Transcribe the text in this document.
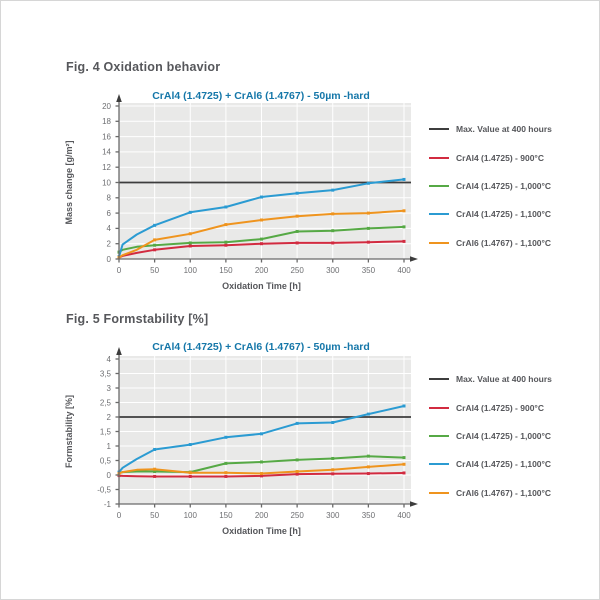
Fig. 4 Oxidation behavior
CrAl4 (1.4725) + CrAl6 (1.4767) - 50µm -hard
0
2
4
6
8
10
12
14
16
18
20
0	50	100	150	200	250	300	350	400
Oxidation Time [h]
Mass change [g/m²]
Max. Value at 400 hours
CrAl4 (1.4725) - 900°C
CrAl4 (1.4725) - 1,000°C
CrAl4 (1.4725) - 1,100°C
CrAl6 (1.4767) - 1,100°C
Fig. 5 Formstability [%]
CrAl4 (1.4725) + CrAl6 (1.4767) - 50µm -hard
-1
-0,5
0
0,5
1
1,5
2
2,5
3
3,5
4
0	50	100	150	200	250	300	350	400
Oxidation Time [h]
Formstability [%]
Max. Value at 400 hours
CrAl4 (1.4725) - 900°C
CrAl4 (1.4725) - 1,000°C
CrAl4 (1.4725) - 1,100°C
CrAl6 (1.4767) - 1,100°C
